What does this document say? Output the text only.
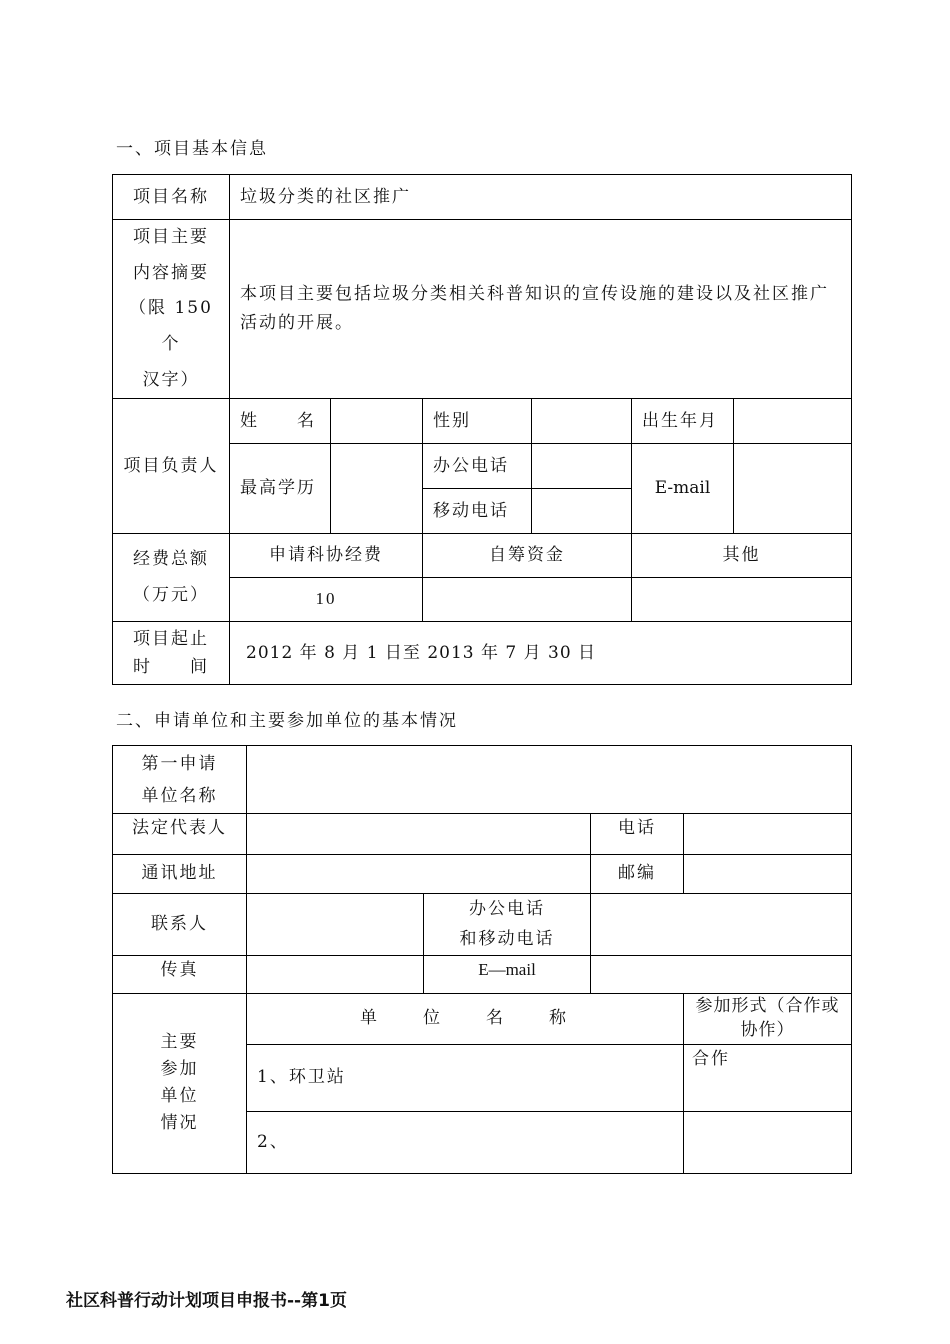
一、项目基本信息
项目名称	垃圾分类的社区推广					

项目主要
内容摘要
（限 150 个
汉字）	本项目主要包括垃圾分类相关科普知识的宣传设施的建设以及社区推广活动的开展。					
项目负责人	姓　　名		性别		出生年月	
	最高学历		办公电话		E-mail	
			移动电话			

经费总额
（万元）	申请科协经费		自筹资金		其他	
	10					

项目起止
时　　间	2012 年 8 月 1 日至 2013 年 7 月 30 日					
二、申请单位和主要参加单位的基本情况
第一申请
单位名称				

法定代表人			电话	
通讯地址			邮编	
联系人		办公电话
和移动电话		

传真		E—mail		

主要
参加
单位
情况	单　　位　　名　　称			参加形式（合作或协作）
	1、环卫站			合作
	2、			
社区科普行动计划项目申报书--第1页
